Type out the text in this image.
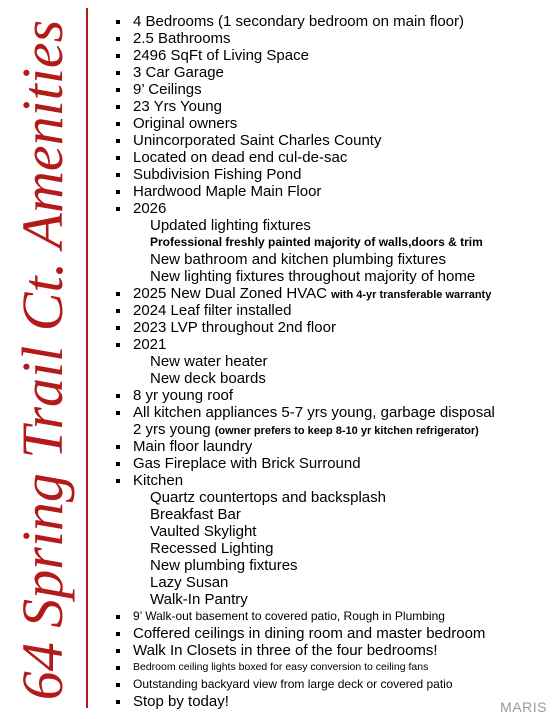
64 Spring Trail Ct. Amenities	4 Bedrooms (1 secondary bedroom on main floor)
2.5 Bathrooms
2496 SqFt of Living Space
3 Car Garage
9’ Ceilings
23 Yrs Young
Original owners
Unincorporated Saint Charles County
Located on dead end cul-de-sac
Subdivision Fishing Pond
Hardwood Maple Main Floor
2026
Updated lighting fixtures
Professional freshly painted majority of walls,doors & trim
New bathroom and kitchen plumbing fixtures
New lighting fixtures throughout majority of home
2025 New Dual Zoned HVAC with 4-yr transferable warranty
2024 Leaf filter installed
2023 LVP throughout 2nd floor
2021
New water heater
New deck boards
8 yr young roof
All kitchen appliances 5-7 yrs young, garbage disposal
2 yrs young (owner prefers to keep 8-10 yr kitchen refrigerator)
Main floor laundry
Gas Fireplace with Brick Surround
Kitchen
Quartz countertops and backsplash
Breakfast Bar
Vaulted Skylight
Recessed Lighting
New plumbing fixtures
Lazy Susan
Walk-In Pantry
9’ Walk-out basement to covered patio, Rough in Plumbing
Coffered ceilings in dining room and master bedroom
Walk In Closets in three of the four bedrooms!
Bedroom ceiling lights boxed for easy conversion to ceiling fans
Outstanding backyard view from large deck or covered patio
Stop by today!	MARIS
